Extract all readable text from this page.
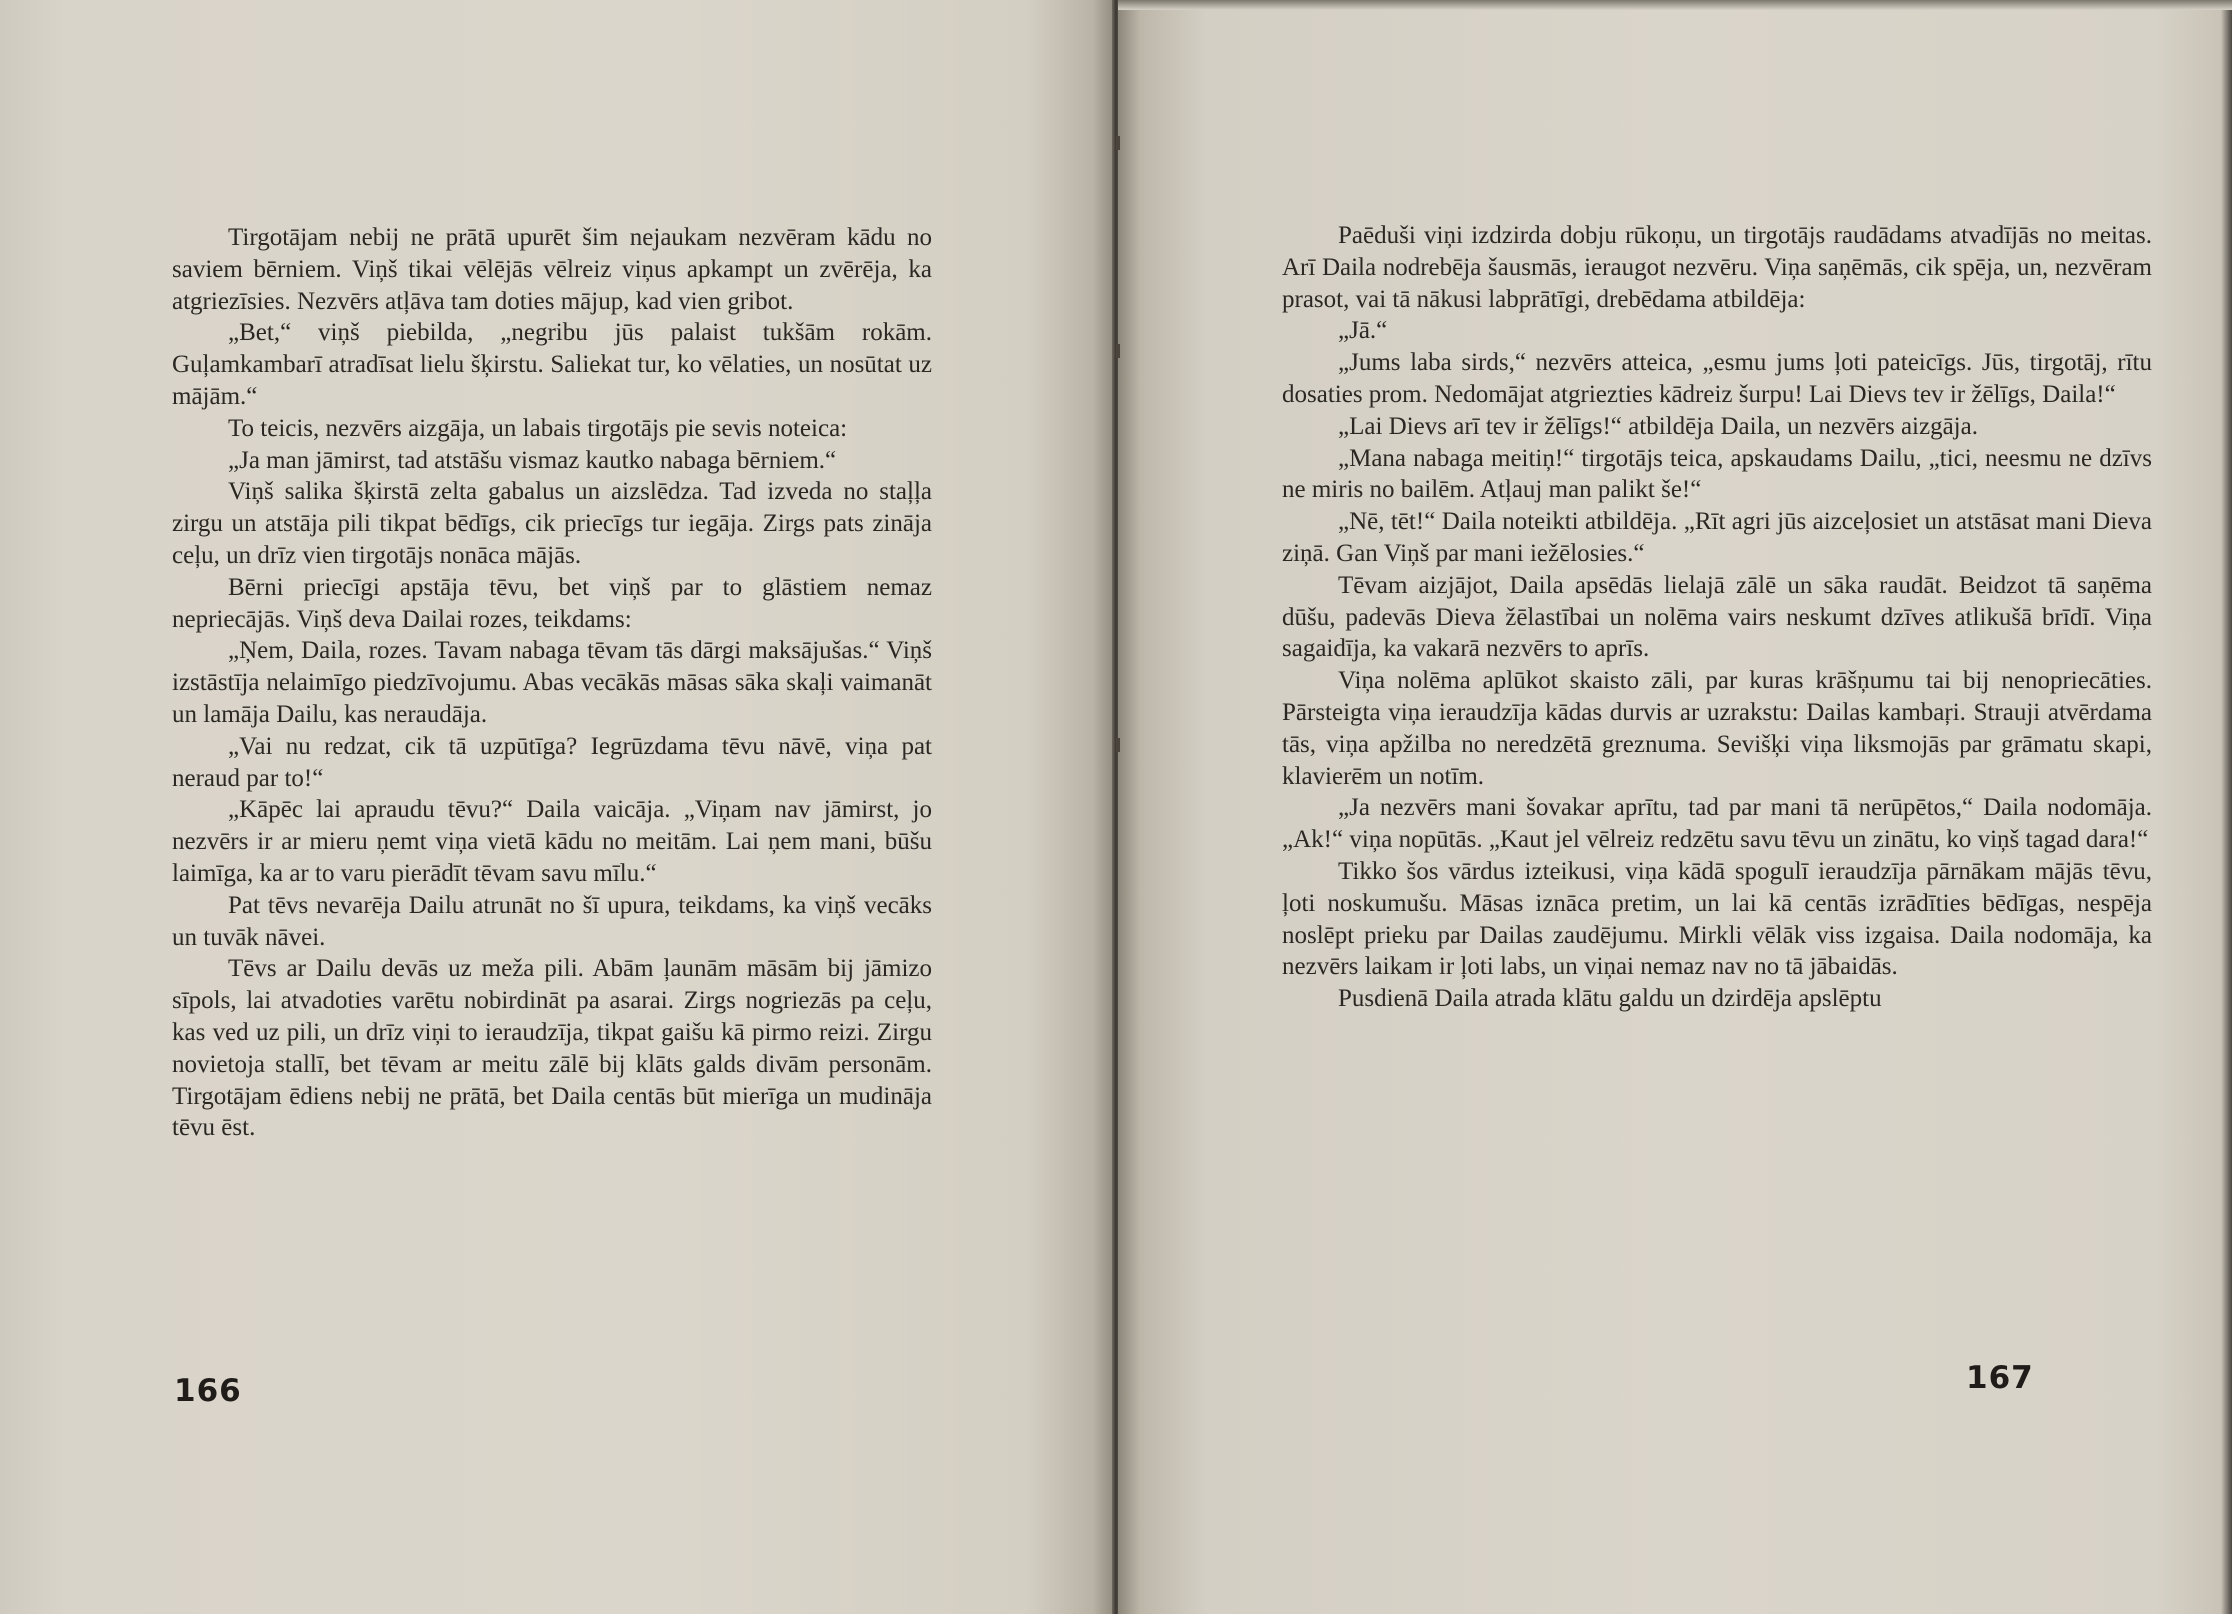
Tirgotājam nebij ne prātā upurēt šim nejaukam nezvēram kādu no saviem bērniem. Viņš tikai vēlējās vēlreiz viņus apkampt un zvērēja, ka atgriezīsies. Nezvērs atļāva tam doties mājup, kad vien gribot.

„Bet,“ viņš piebilda, „negribu jūs palaist tukšām rokām. Guļamkambarī atradīsat lielu šķirstu. Saliekat tur, ko vēlaties, un nosūtat uz mājām.“

To teicis, nezvērs aizgāja, un labais tirgotājs pie sevis noteica:

„Ja man jāmirst, tad atstāšu vismaz kautko nabaga bērniem.“

Viņš salika šķirstā zelta gabalus un aizslēdza. Tad izveda no staļļa zirgu un atstāja pili tikpat bēdīgs, cik priecīgs tur iegāja. Zirgs pats zināja ceļu, un drīz vien tirgotājs nonāca mājās.

Bērni priecīgi apstāja tēvu, bet viņš par to glāstiem nemaz nepriecājās. Viņš deva Dailai rozes, teikdams:

„Ņem, Daila, rozes. Tavam nabaga tēvam tās dārgi maksājušas.“ Viņš izstāstīja nelaimīgo piedzīvojumu. Abas vecākās māsas sāka skaļi vaimanāt un lamāja Dailu, kas neraudāja.

„Vai nu redzat, cik tā uzpūtīga? Iegrūzdama tēvu nāvē, viņa pat neraud par to!“

„Kāpēc lai apraudu tēvu?“ Daila vaicāja. „Viņam nav jāmirst, jo nezvērs ir ar mieru ņemt viņa vietā kādu no meitām. Lai ņem mani, būšu laimīga, ka ar to varu pierādīt tēvam savu mīlu.“

Pat tēvs nevarēja Dailu atrunāt no šī upura, teikdams, ka viņš vecāks un tuvāk nāvei.

Tēvs ar Dailu devās uz meža pili. Abām ļaunām māsām bij jāmizo sīpols, lai atvadoties varētu nobirdināt pa asarai. Zirgs nogriezās pa ceļu, kas ved uz pili, un drīz viņi to ieraudzīja, tikpat gaišu kā pirmo reizi. Zirgu novietoja stallī, bet tēvam ar meitu zālē bij klāts galds divām personām. Tirgotājam ēdiens nebij ne prātā, bet Daila centās būt mierīga un mudināja tēvu ēst.

166

Paēduši viņi izdzirda dobju rūkoņu, un tirgotājs raudādams atvadījās no meitas. Arī Daila nodrebēja šausmās, ieraugot nezvēru. Viņa saņēmās, cik spēja, un, nezvēram prasot, vai tā nākusi labprātīgi, drebēdama atbildēja:

„Jā.“

„Jums laba sirds,“ nezvērs atteica, „esmu jums ļoti pateicīgs. Jūs, tirgotāj, rītu dosaties prom. Nedomājat atgriezties kādreiz šurpu! Lai Dievs tev ir žēlīgs, Daila!“

„Lai Dievs arī tev ir žēlīgs!“ atbildēja Daila, un nezvērs aizgāja.

„Mana nabaga meitiņ!“ tirgotājs teica, apskaudams Dailu, „tici, neesmu ne dzīvs ne miris no bailēm. Atļauj man palikt še!“

„Nē, tēt!“ Daila noteikti atbildēja. „Rīt agri jūs aizceļosiet un atstāsat mani Dieva ziņā. Gan Viņš par mani iežēlosies.“

Tēvam aizjājot, Daila apsēdās lielajā zālē un sāka raudāt. Beidzot tā saņēma dūšu, padevās Dieva žēlastībai un nolēma vairs neskumt dzīves atlikušā brīdī. Viņa sagaidīja, ka vakarā nezvērs to aprīs.

Viņa nolēma aplūkot skaisto zāli, par kuras krāšņumu tai bij nenopriecāties. Pārsteigta viņa ieraudzīja kādas durvis ar uzrakstu: Dailas kambaŗi. Strauji atvērdama tās, viņa apžilba no neredzētā greznuma. Sevišķi viņa liksmojās par grāmatu skapi, klavierēm un notīm.

„Ja nezvērs mani šovakar aprītu, tad par mani tā nerūpētos,“ Daila nodomāja. „Ak!“ viņa nopūtās. „Kaut jel vēlreiz redzētu savu tēvu un zinātu, ko viņš tagad dara!“

Tikko šos vārdus izteikusi, viņa kādā spogulī ieraudzīja pārnākam mājās tēvu, ļoti noskumušu. Māsas iznāca pretim, un lai kā centās izrādīties bēdīgas, nespēja noslēpt prieku par Dailas zaudējumu. Mirkli vēlāk viss izgaisa. Daila nodomāja, ka nezvērs laikam ir ļoti labs, un viņai nemaz nav no tā jābaidās.

Pusdienā Daila atrada klātu galdu un dzirdēja apslēptu

167
